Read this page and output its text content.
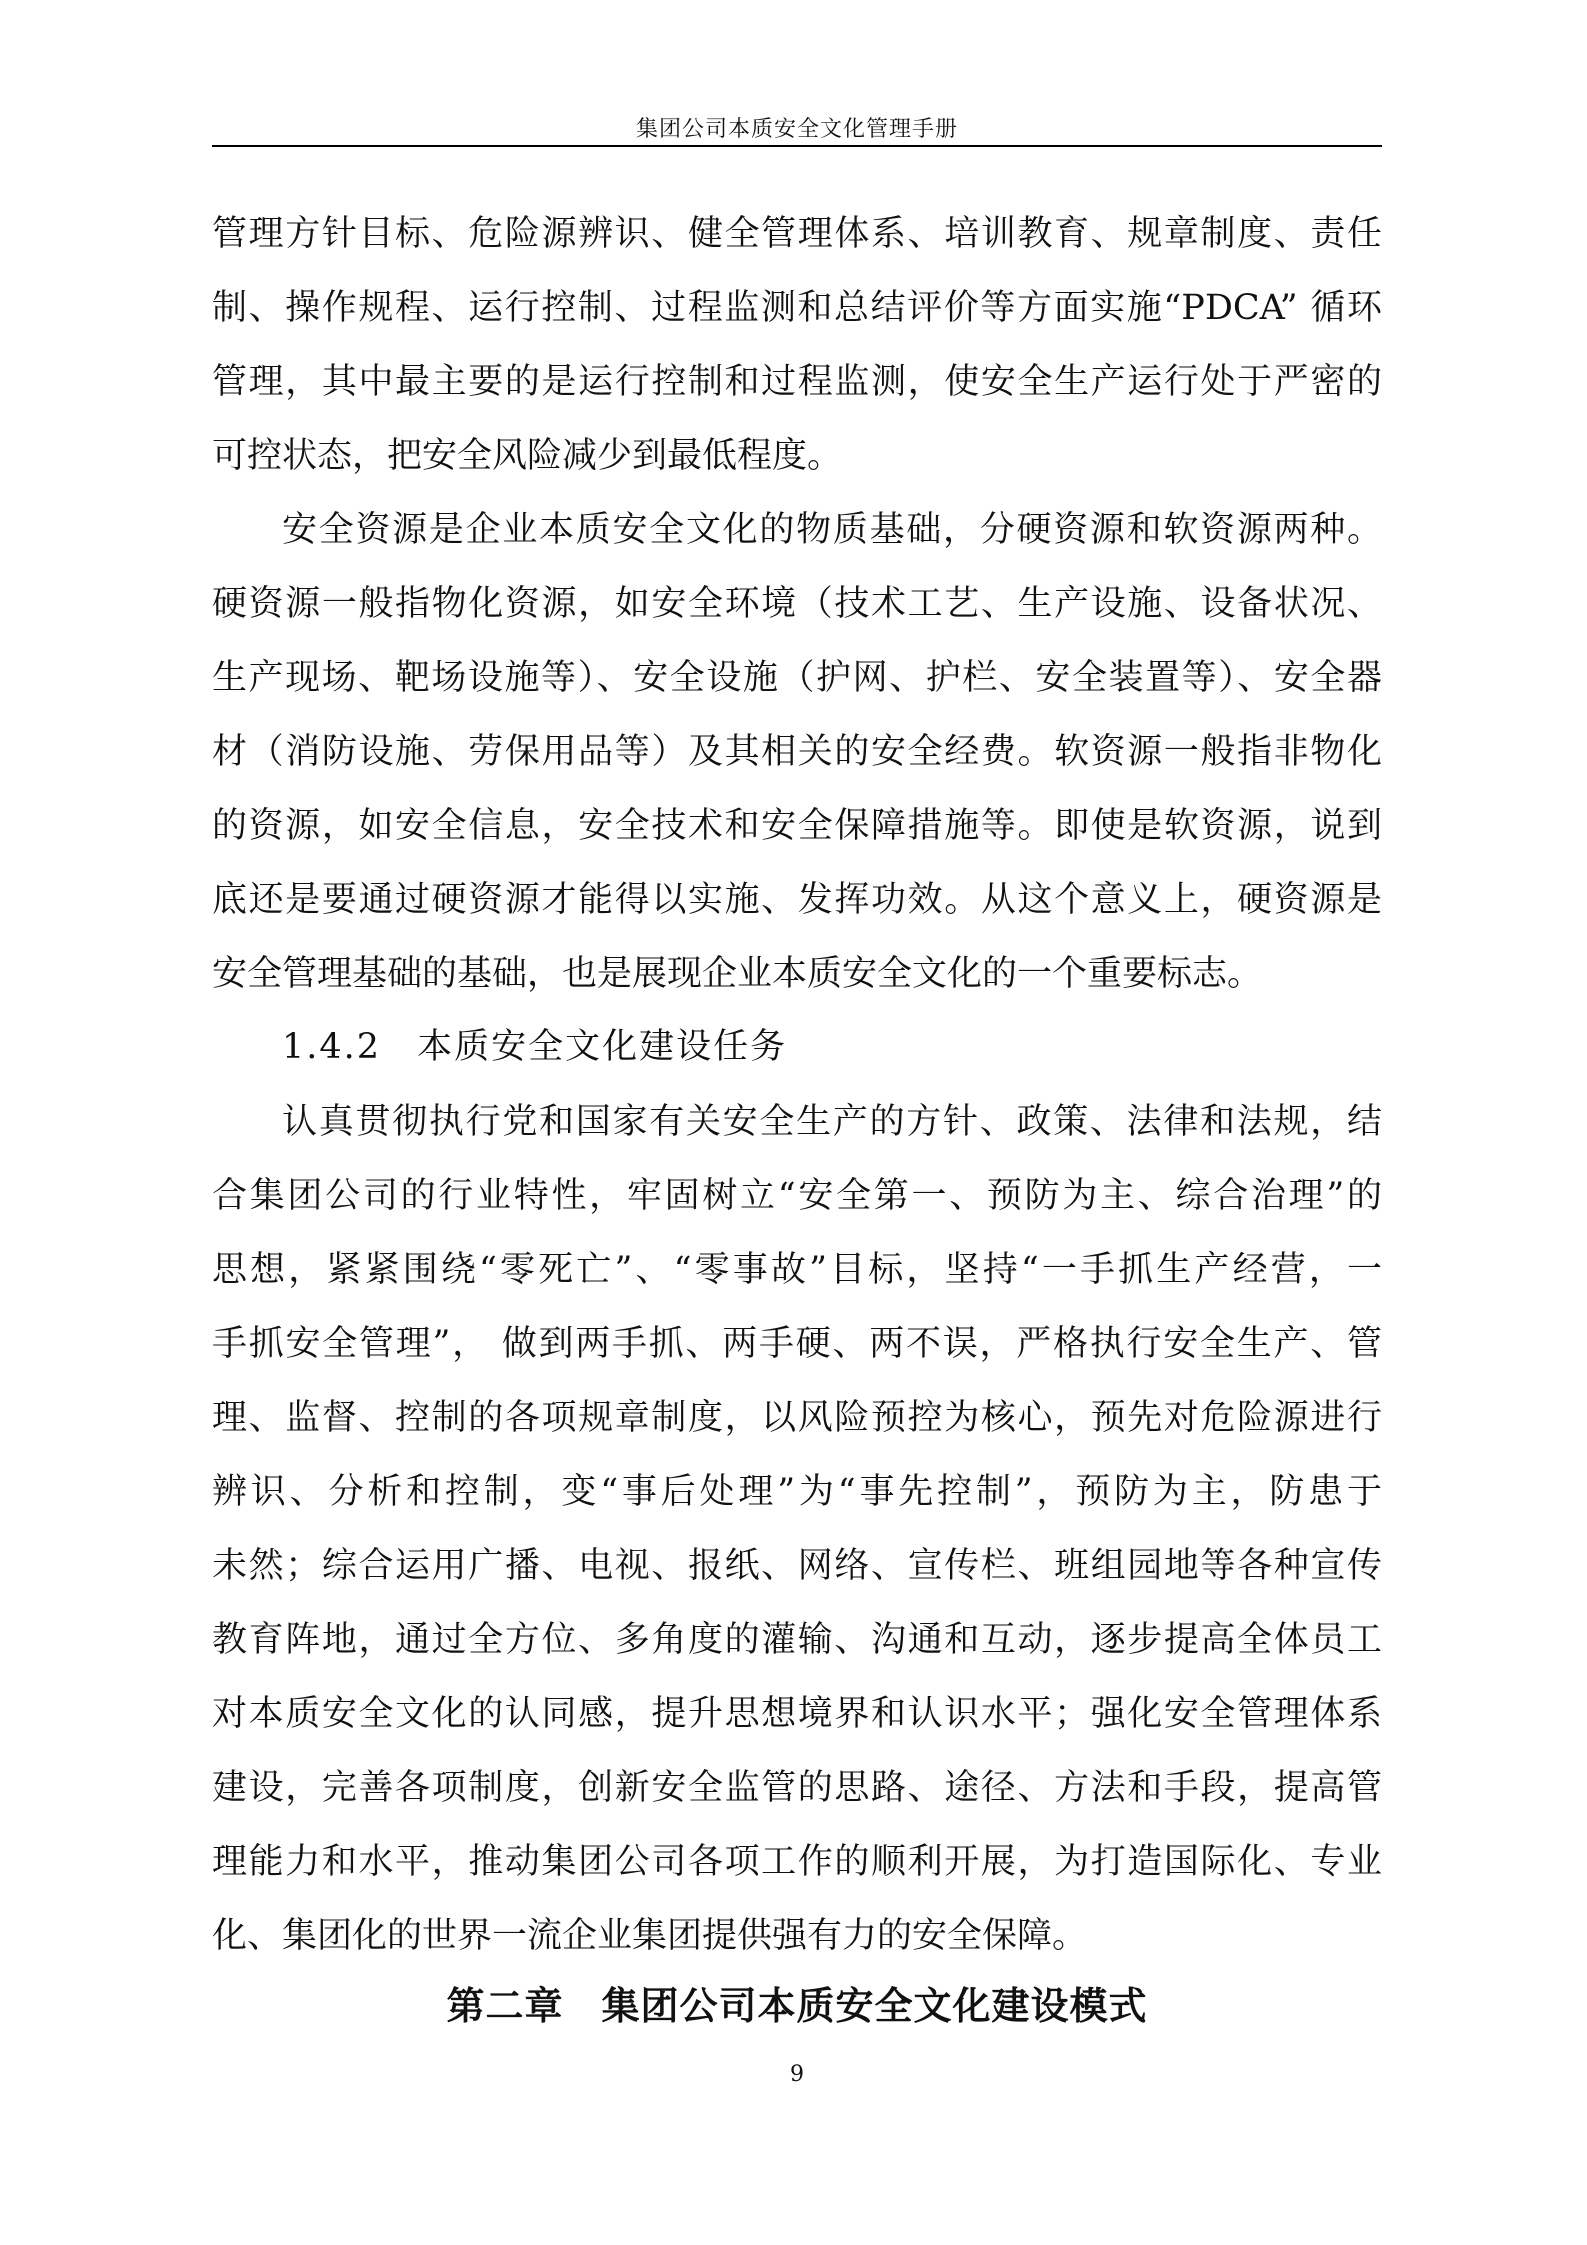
集团公司本质安全文化管理手册
管理方针目标、危险源辨识、健全管理体系、培训教育、规章制度、责任
制、操作规程、运行控制、过程监测和总结评价等方面实施“PDCA” 循环
管理，其中最主要的是运行控制和过程监测，使安全生产运行处于严密的
可控状态，把安全风险减少到最低程度。
安全资源是企业本质安全文化的物质基础，分硬资源和软资源两种。
硬资源一般指物化资源，如安全环境（技术工艺、生产设施、设备状况、
生产现场、靶场设施等）、安全设施（护网、护栏、安全装置等）、安全器
材（消防设施、劳保用品等）及其相关的安全经费。软资源一般指非物化
的资源，如安全信息，安全技术和安全保障措施等。即使是软资源，说到
底还是要通过硬资源才能得以实施、发挥功效。从这个意义上，硬资源是
安全管理基础的基础，也是展现企业本质安全文化的一个重要标志。
1.4.2 本质安全文化建设任务
认真贯彻执行党和国家有关安全生产的方针、政策、法律和法规，结
合集团公司的行业特性，牢固树立“安全第一、预防为主、综合治理”的
思想，紧紧围绕“零死亡”、“零事故”目标，坚持“一手抓生产经营，一
手抓安全管理”， 做到两手抓、两手硬、两不误，严格执行安全生产、管
理、监督、控制的各项规章制度，以风险预控为核心，预先对危险源进行
辨识、分析和控制，变“事后处理”为“事先控制”，预防为主，防患于
未然；综合运用广播、电视、报纸、网络、宣传栏、班组园地等各种宣传
教育阵地，通过全方位、多角度的灌输、沟通和互动，逐步提高全体员工
对本质安全文化的认同感，提升思想境界和认识水平；强化安全管理体系
建设，完善各项制度，创新安全监管的思路、途径、方法和手段，提高管
理能力和水平，推动集团公司各项工作的顺利开展，为打造国际化、专业
化、集团化的世界一流企业集团提供强有力的安全保障。
第二章 集团公司本质安全文化建设模式
9
